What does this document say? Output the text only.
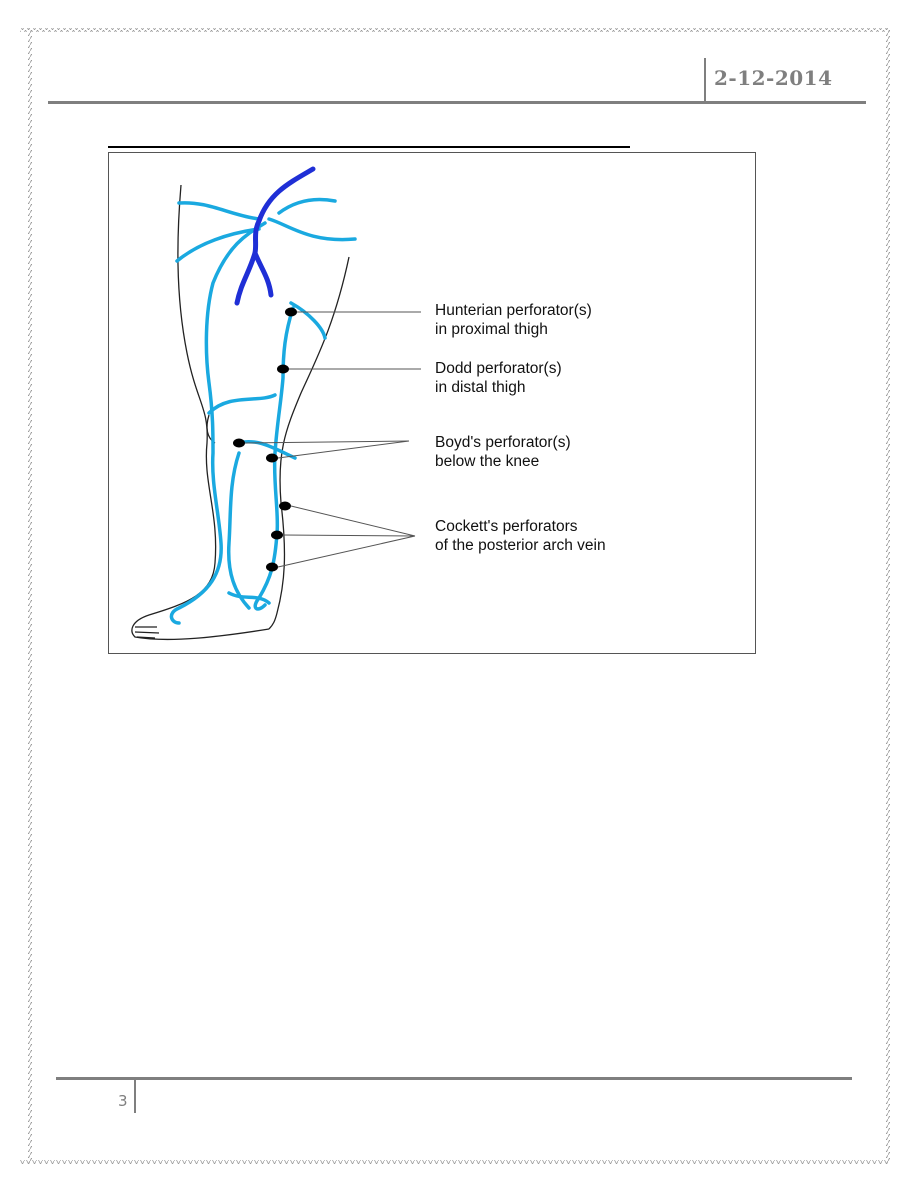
2-12-2014
Hunterian perforator(s)
in proximal thigh
Dodd perforator(s)
in distal thigh
Boyd's perforator(s)
below the knee
Cockett's perforators
of the posterior arch vein
3
